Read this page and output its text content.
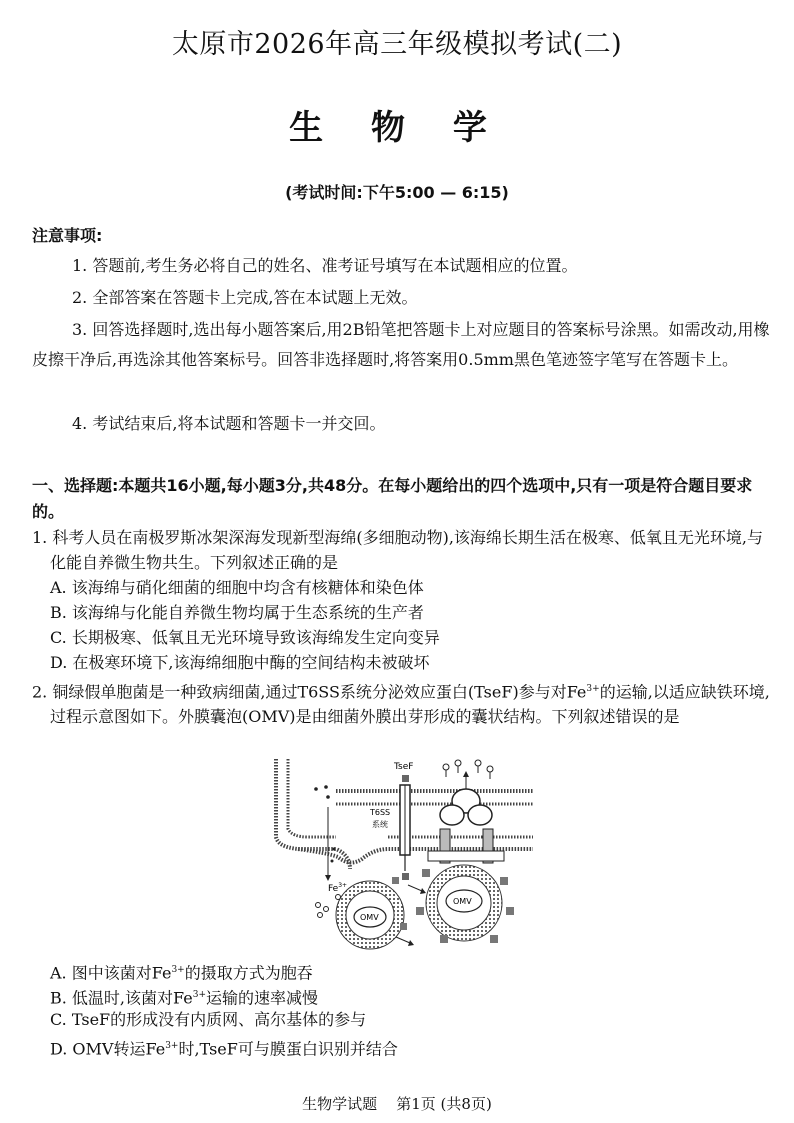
太原市2026年高三年级模拟考试(二)
生 物 学
(考试时间:下午5:00 — 6:15)
注意事项:
1. 答题前,考生务必将自己的姓名、准考证号填写在本试题相应的位置。
2. 全部答案在答题卡上完成,答在本试题上无效。
3. 回答选择题时,选出每小题答案后,用2B铅笔把答题卡上对应题目的答案标号涂黑。如需改动,用橡皮擦干净后,再选涂其他答案标号。回答非选择题时,将答案用0.5mm黑色笔迹签字笔写在答题卡上。
4. 考试结束后,将本试题和答题卡一并交回。
一、选择题:本题共16小题,每小题3分,共48分。在每小题给出的四个选项中,只有一项是符合题目要求的。
1. 科考人员在南极罗斯冰架深海发现新型海绵(多细胞动物),该海绵长期生活在极寒、低氧且无光环境,与化能自养微生物共生。下列叙述正确的是
A. 该海绵与硝化细菌的细胞中均含有核糖体和染色体
B. 该海绵与化能自养微生物均属于生态系统的生产者
C. 长期极寒、低氧且无光环境导致该海绵发生定向变异
D. 在极寒环境下,该海绵细胞中酶的空间结构未被破坏
2. 铜绿假单胞菌是一种致病细菌,通过T6SS系统分泌效应蛋白(TseF)参与对$Fe^{3+}$的运输,以适应缺铁环境,过程示意图如下。外膜囊泡(OMV)是由细菌外膜出芽形成的囊状结构。下列叙述错误的是
TseF
T6SS
系统
OMV
OMV
$Fe^{3+}$
A. 图中该菌对$Fe^{3+}$的摄取方式为胞吞
B. 低温时,该菌对$Fe^{3+}$运输的速率减慢
C. TseF的形成没有内质网、高尔基体的参与
D. OMV转运$Fe^{3+}$时,TseF可与膜蛋白识别并结合
生物学试题    第1页 (共8页)
